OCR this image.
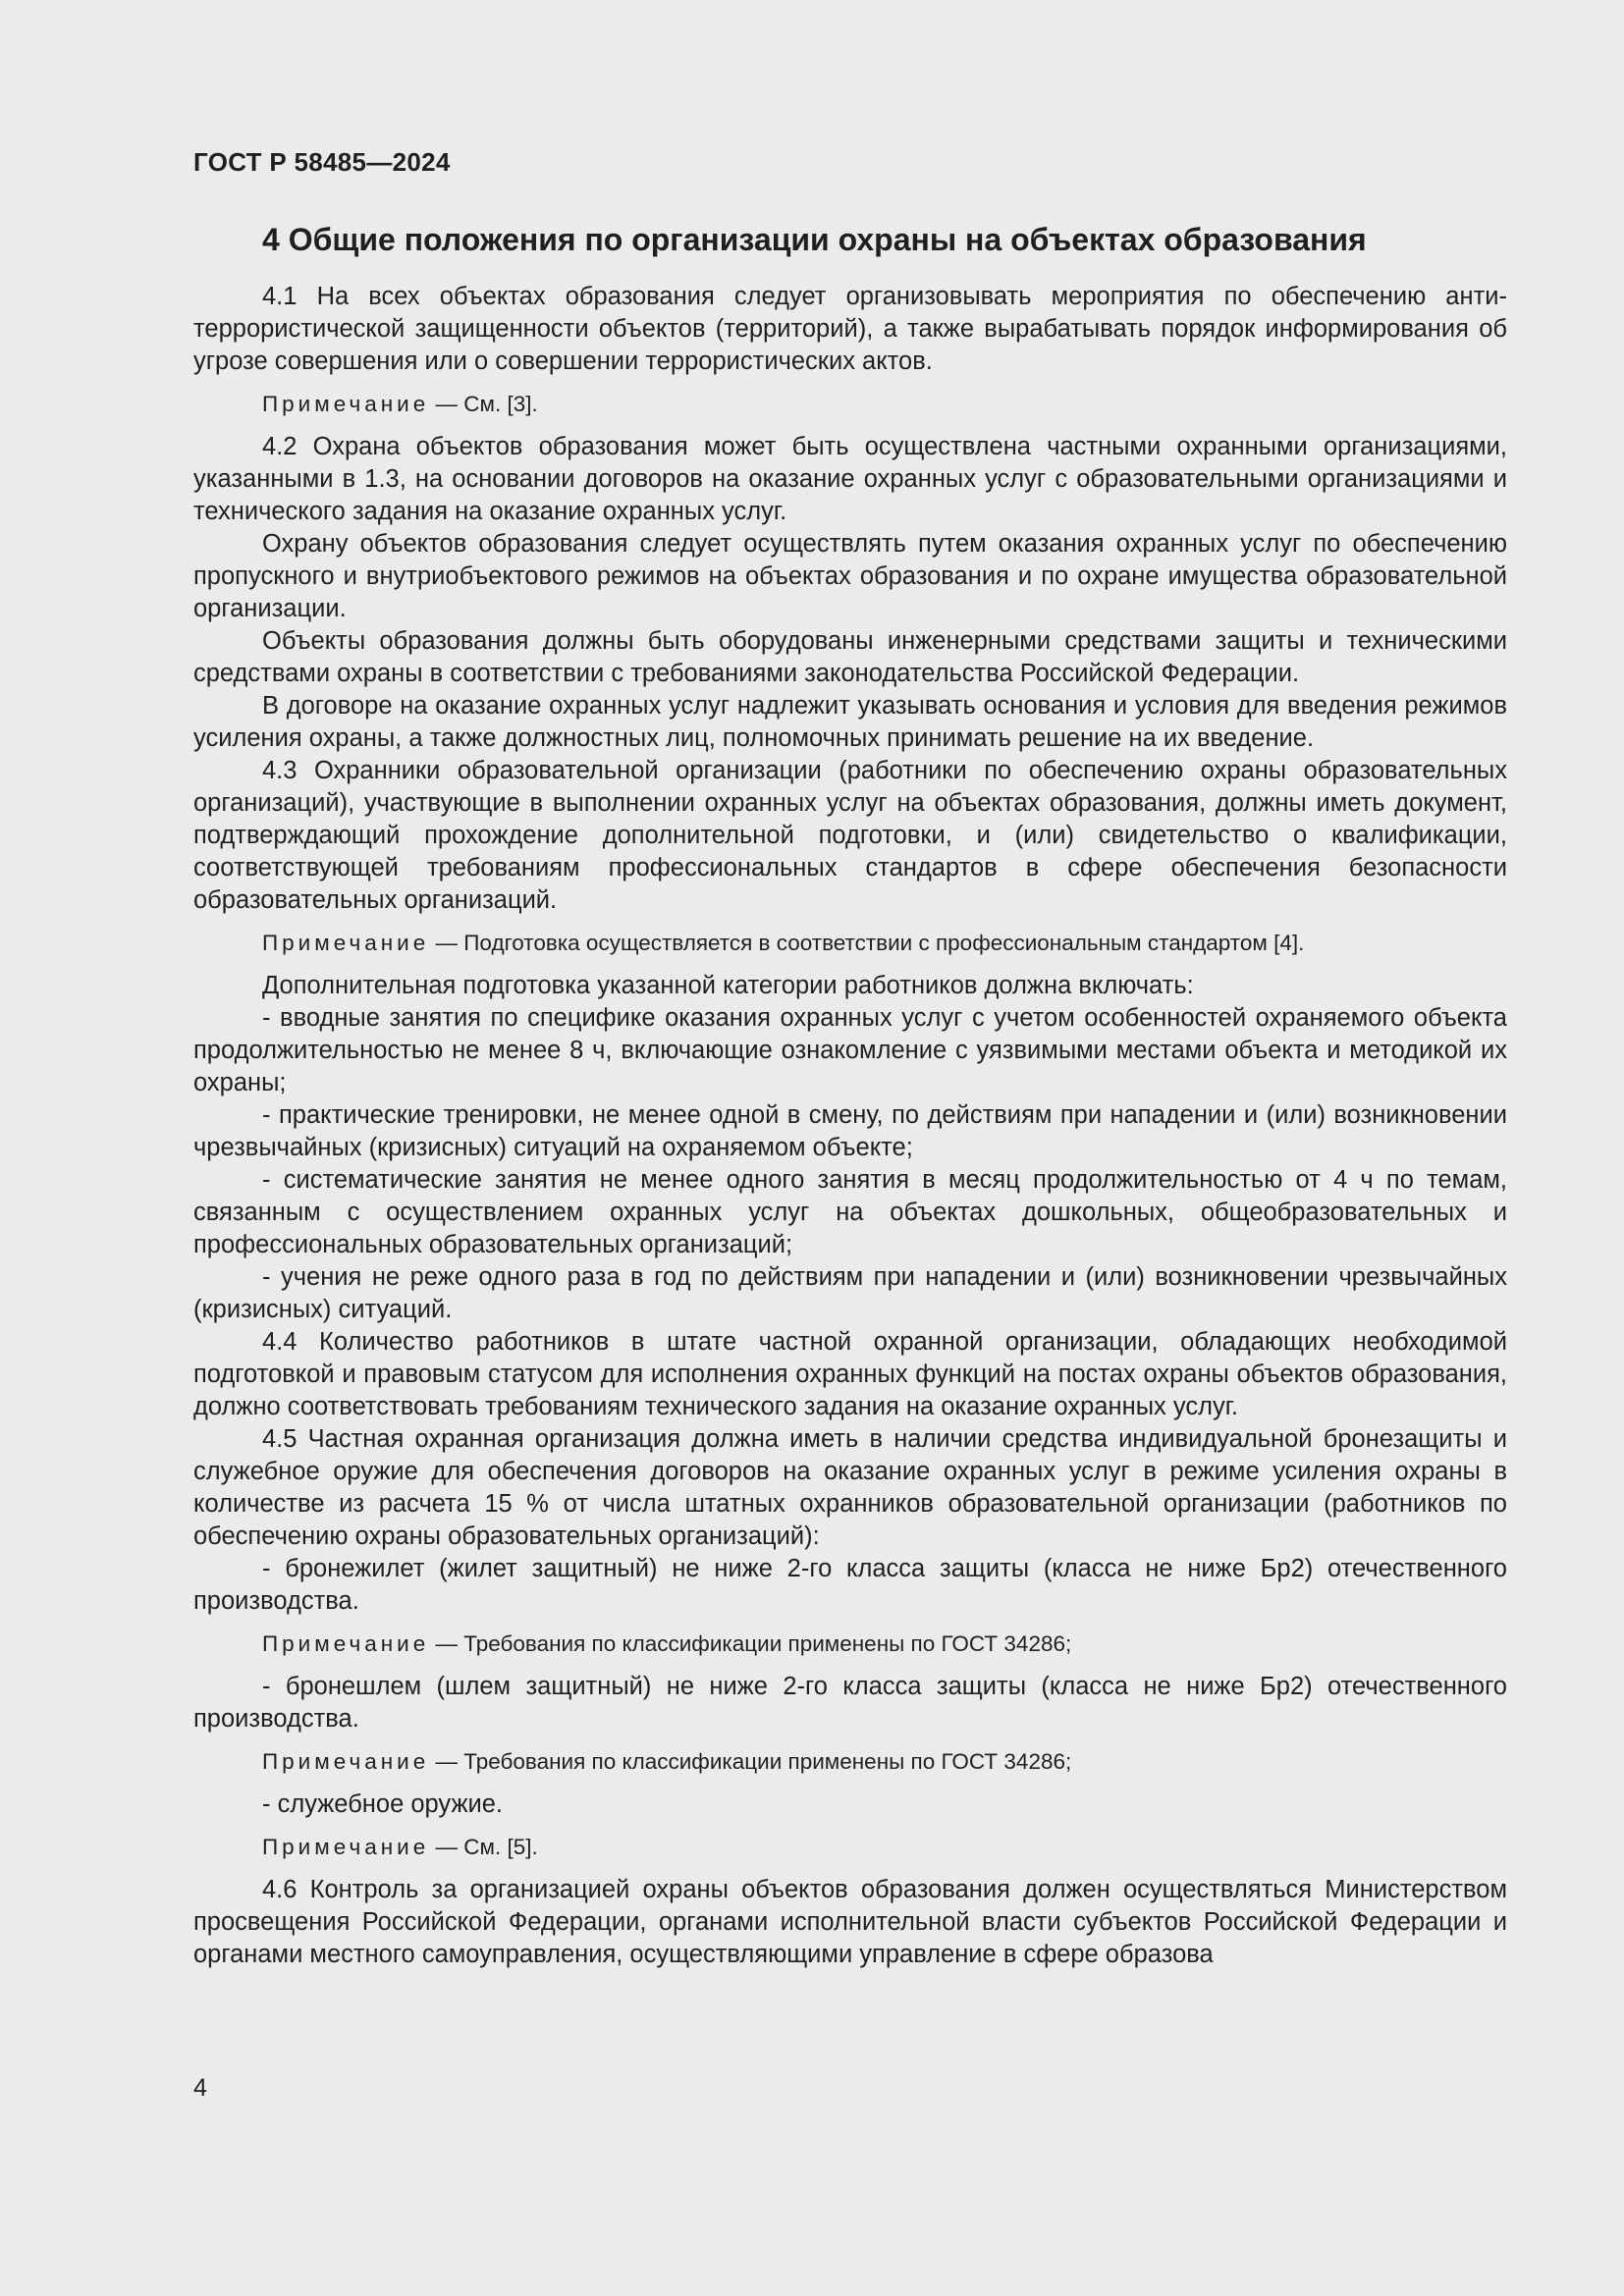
ГОСТ Р 58485—2024
4 Общие положения по организации охраны на объектах образования

4.1 На всех объектах образования следует организовывать мероприятия по обеспечению антитеррористической защищенности объектов (территорий), а также вырабатывать порядок информирования об угрозе совершения или о совершении террористических актов.

Примечание — См. [3].

4.2 Охрана объектов образования может быть осуществлена частными охранными организациями, указанными в 1.3, на основании договоров на оказание охранных услуг с образовательными организациями и технического задания на оказание охранных услуг.

Охрану объектов образования следует осуществлять путем оказания охранных услуг по обеспечению пропускного и внутриобъектового режимов на объектах образования и по охране имущества образовательной организации.

Объекты образования должны быть оборудованы инженерными средствами защиты и техническими средствами охраны в соответствии с требованиями законодательства Российской Федерации.

В договоре на оказание охранных услуг надлежит указывать основания и условия для введения режимов усиления охраны, а также должностных лиц, полномочных принимать решение на их введение.

4.3 Охранники образовательной организации (работники по обеспечению охраны образовательных организаций), участвующие в выполнении охранных услуг на объектах образования, должны иметь документ, подтверждающий прохождение дополнительной подготовки, и (или) свидетельство о квалификации, соответствующей требованиям профессиональных стандартов в сфере обеспечения безопасности образовательных организаций.

Примечание — Подготовка осуществляется в соответствии с профессиональным стандартом [4].

Дополнительная подготовка указанной категории работников должна включать:

- вводные занятия по специфике оказания охранных услуг с учетом особенностей охраняемого объекта продолжительностью не менее 8 ч, включающие ознакомление с уязвимыми местами объекта и методикой их охраны;

- практические тренировки, не менее одной в смену, по действиям при нападении и (или) возникновении чрезвычайных (кризисных) ситуаций на охраняемом объекте;

- систематические занятия не менее одного занятия в месяц продолжительностью от 4 ч по темам, связанным с осуществлением охранных услуг на объектах дошкольных, общеобразовательных и профессиональных образовательных организаций;

- учения не реже одного раза в год по действиям при нападении и (или) возникновении чрезвычайных (кризисных) ситуаций.

4.4 Количество работников в штате частной охранной организации, обладающих необходимой подготовкой и правовым статусом для исполнения охранных функций на постах охраны объектов образования, должно соответствовать требованиям технического задания на оказание охранных услуг.

4.5 Частная охранная организация должна иметь в наличии средства индивидуальной бронезащиты и служебное оружие для обеспечения договоров на оказание охранных услуг в режиме усиления охраны в количестве из расчета 15 % от числа штатных охранников образовательной организации (работников по обеспечению охраны образовательных организаций):

- бронежилет (жилет защитный) не ниже 2-го класса защиты (класса не ниже Бр2) отечественного производства.

Примечание — Требования по классификации применены по ГОСТ 34286;

- бронешлем (шлем защитный) не ниже 2-го класса защиты (класса не ниже Бр2) отечественного производства.

Примечание — Требования по классификации применены по ГОСТ 34286;

- служебное оружие.

Примечание — См. [5].

4.6 Контроль за организацией охраны объектов образования должен осуществляться Министерством просвещения Российской Федерации, органами исполнительной власти субъектов Российской Федерации и органами местного самоуправления, осуществляющими управление в сфере образова

4
